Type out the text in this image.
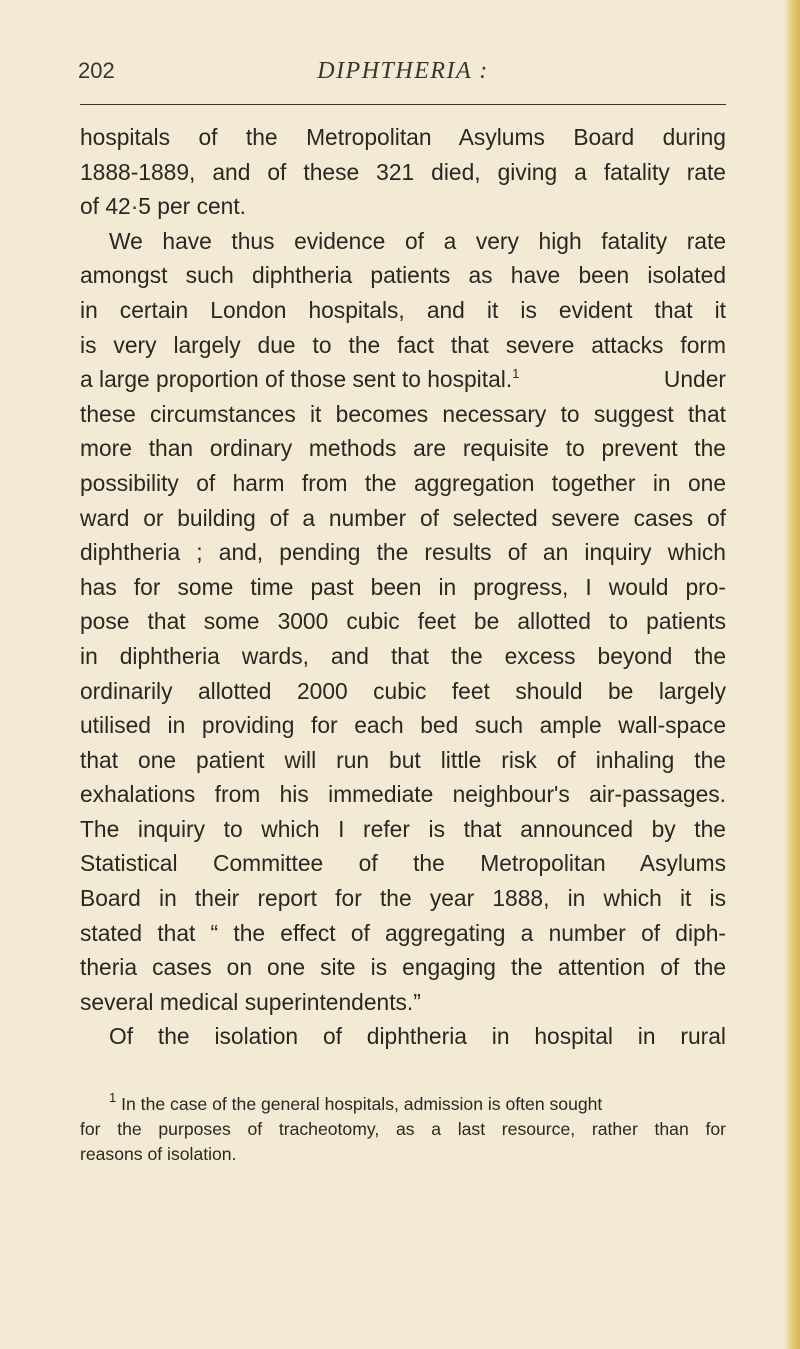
202	DIPHTHERIA :
hospitals of the Metropolitan Asylums Board during
1888-1889, and of these 321 died, giving a fatality rate
of 42·5 per cent.
We have thus evidence of a very high fatality rate
amongst such diphtheria patients as have been isolated
in certain London hospitals, and it is evident that it
is very largely due to the fact that severe attacks form
a large proportion of those sent to hospital.$^1$	Under
these circumstances it becomes necessary to suggest that
more than ordinary methods are requisite to prevent the
possibility of harm from the aggregation together in one
ward or building of a number of selected severe cases of
diphtheria ; and, pending the results of an inquiry which
has for some time past been in progress, I would pro-
pose that some 3000 cubic feet be allotted to patients
in diphtheria wards, and that the excess beyond the
ordinarily allotted 2000 cubic feet should be largely
utilised in providing for each bed such ample wall-space
that one patient will run but little risk of inhaling the
exhalations from his immediate neighbour's air-passages.
The inquiry to which I refer is that announced by the
Statistical Committee of the Metropolitan Asylums
Board in their report for the year 1888, in which it is
stated that “ the effect of aggregating a number of diph-
theria cases on one site is engaging the attention of the
several medical superintendents.”
Of the isolation of diphtheria in hospital in rural
$^1$ In the case of the general hospitals, admission is often sought
for the purposes of tracheotomy, as a last resource, rather than for
reasons of isolation.
